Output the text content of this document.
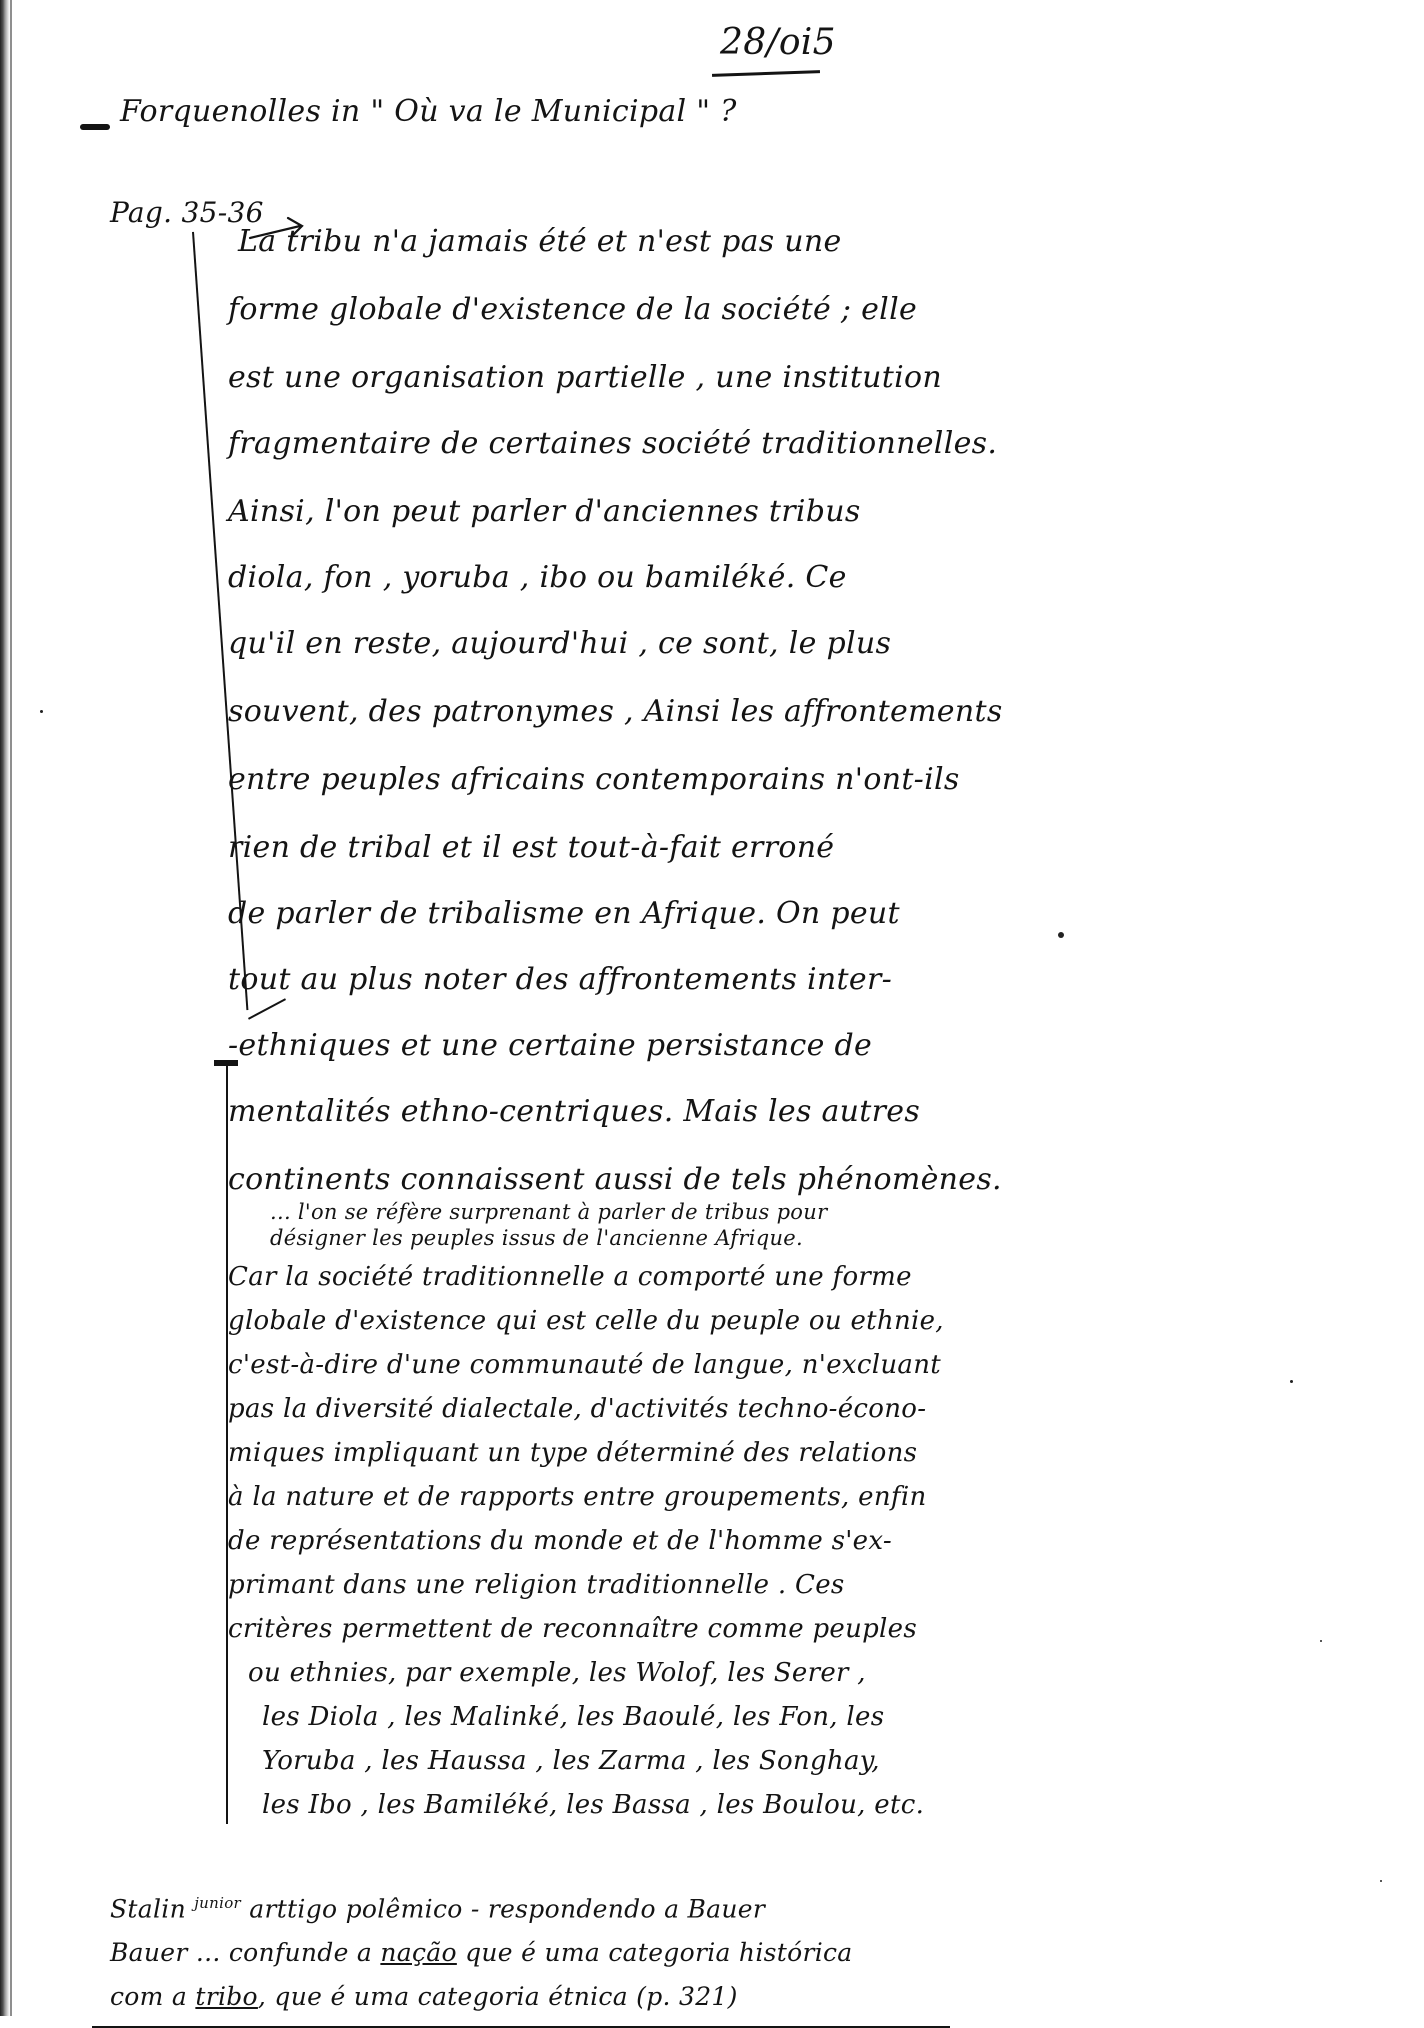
28/oi5
Forquenolles in " Où va le Municipal " ?
Pag. 35-36
La tribu n'a jamais été et n'est pas une
forme globale d'existence de la société ; elle
est une organisation partielle , une institution
fragmentaire de certaines société traditionnelles.
Ainsi, l'on peut parler d'anciennes tribus
diola, fon , yoruba , ibo ou bamiléké. Ce
qu'il en reste, aujourd'hui , ce sont, le plus
souvent, des patronymes , Ainsi les affrontements
entre peuples africains contemporains n'ont-ils
rien de tribal et il est tout-à-fait erroné
de parler de tribalisme en Afrique. On peut
tout au plus noter des affrontements inter-
-ethniques et une certaine persistance de
mentalités ethno-centriques. Mais les autres
continents connaissent aussi de tels phénomènes.
... l'on se réfère surprenant à parler de tribus pour
désigner les peuples issus de l'ancienne Afrique.
Car la société traditionnelle a comporté une forme
globale d'existence qui est celle du peuple ou ethnie,
c'est-à-dire d'une communauté de langue, n'excluant
pas la diversité dialectale, d'activités techno-écono-
miques impliquant un type déterminé des relations
à la nature et de rapports entre groupements, enfin
de représentations du monde et de l'homme s'ex-
primant dans une religion traditionnelle . Ces
critères permettent de reconnaître comme peuples
ou ethnies, par exemple, les Wolof, les Serer ,
les Diola , les Malinké, les Baoulé, les Fon, les
Yoruba , les Haussa , les Zarma , les Songhay,
les Ibo , les Bamiléké, les Bassa , les Boulou, etc.
Stalin $^{junior}$ arttigo polêmico - respondendo a Bauer
Bauer ... confunde a nação que é uma categoria histórica
com a tribo, que é uma categoria étnica (p. 321)
